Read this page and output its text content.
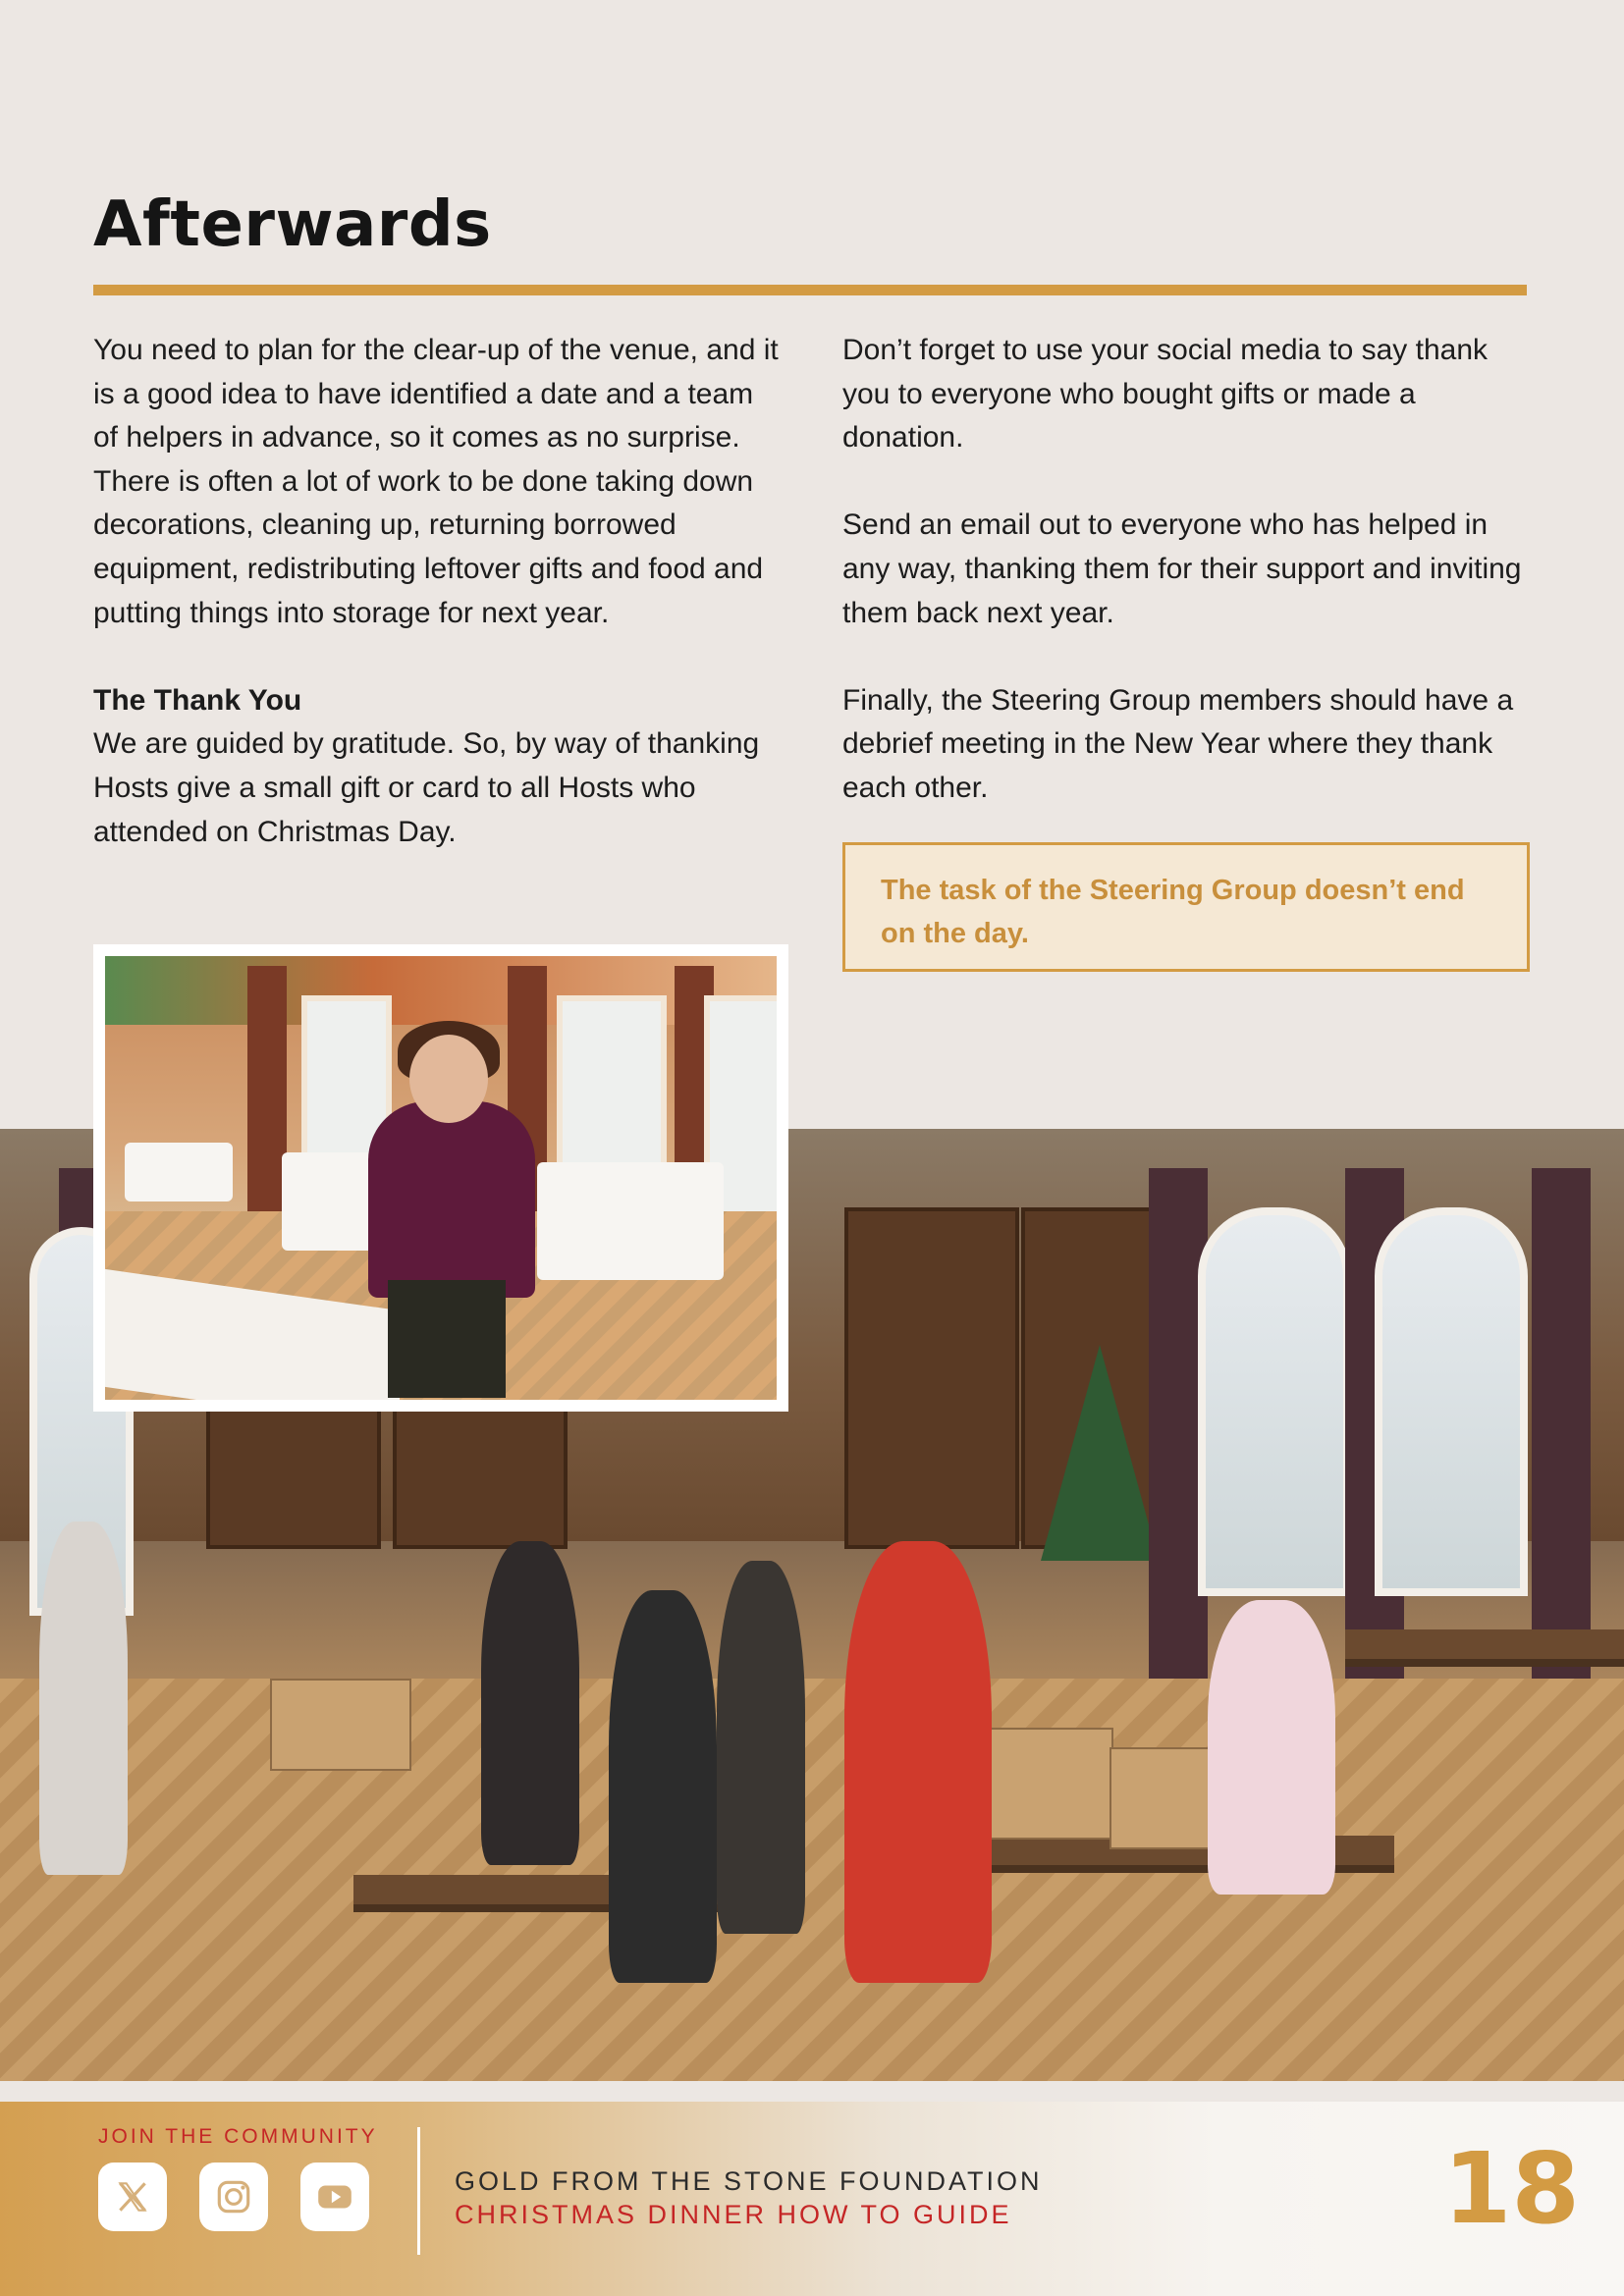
Afterwards

You need to plan for the clear-up of the venue, and it is a good idea to have identified a date and a team of helpers in advance, so it comes as no surprise. There is often a lot of work to be done taking down decorations, cleaning up, returning borrowed equipment, redistributing leftover gifts and food and putting things into storage for next year.

The Thank You
We are guided by gratitude. So, by way of thanking Hosts give a small gift or card to all Hosts who attended on Christmas Day.

Don’t forget to use your social media to say thank you to everyone who bought gifts or made a donation.

Send an email out to everyone who has helped in any way, thanking them for their support and inviting them back next year.

Finally, the Steering Group members should have a debrief meeting in the New Year where they thank each other.

The task of the Steering Group doesn’t end on the day.
JOIN THE COMMUNITY
GOLD FROM THE STONE FOUNDATION
CHRISTMAS DINNER HOW TO GUIDE	18
